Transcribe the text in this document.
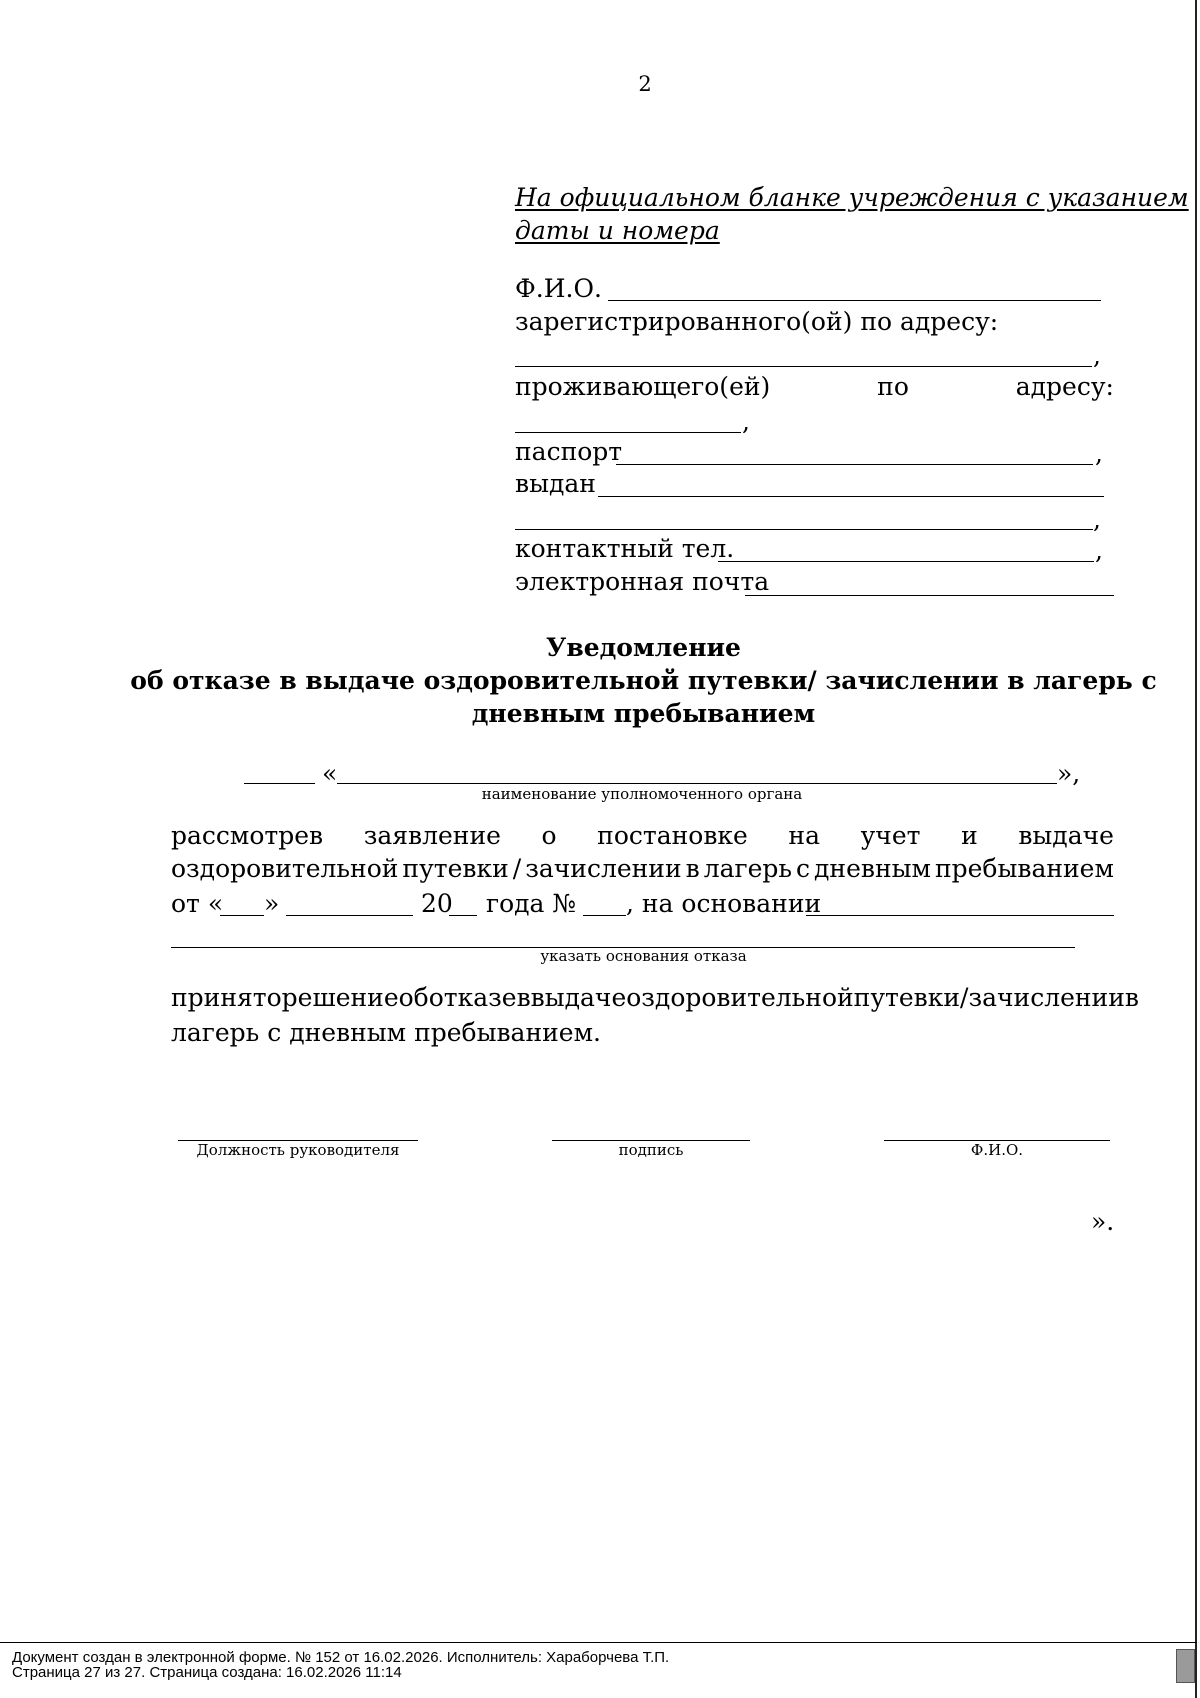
2
На официальном бланке учреждения с указанием
даты и номера
Ф.И.О.
зарегистрированного(ой) по адресу:
,
проживающего(ей)	по	адресу:
,
паспорт	,
выдан
,
контактный тел.	,
электронная почта
Уведомление
об отказе в выдаче оздоровительной путевки/ зачислении в лагерь с
дневным пребыванием
«	»,
наименование уполномоченного органа
рассмотрев заявление о постановке на учет и выдаче
оздоровительной путевки / зачислении в лагерь с дневным пребыванием
от « »	20 года № , на основании
указать основания отказа
принято решение об отказе в выдаче оздоровительной путевки / зачислении в
лагерь с дневным пребыванием.
Должность руководителя	подпись	Ф.И.О.
».
Документ создан в электронной форме. № 152 от 16.02.2026. Исполнитель: Хараборчева Т.П.
Страница 27 из 27. Страница создана: 16.02.2026 11:14
